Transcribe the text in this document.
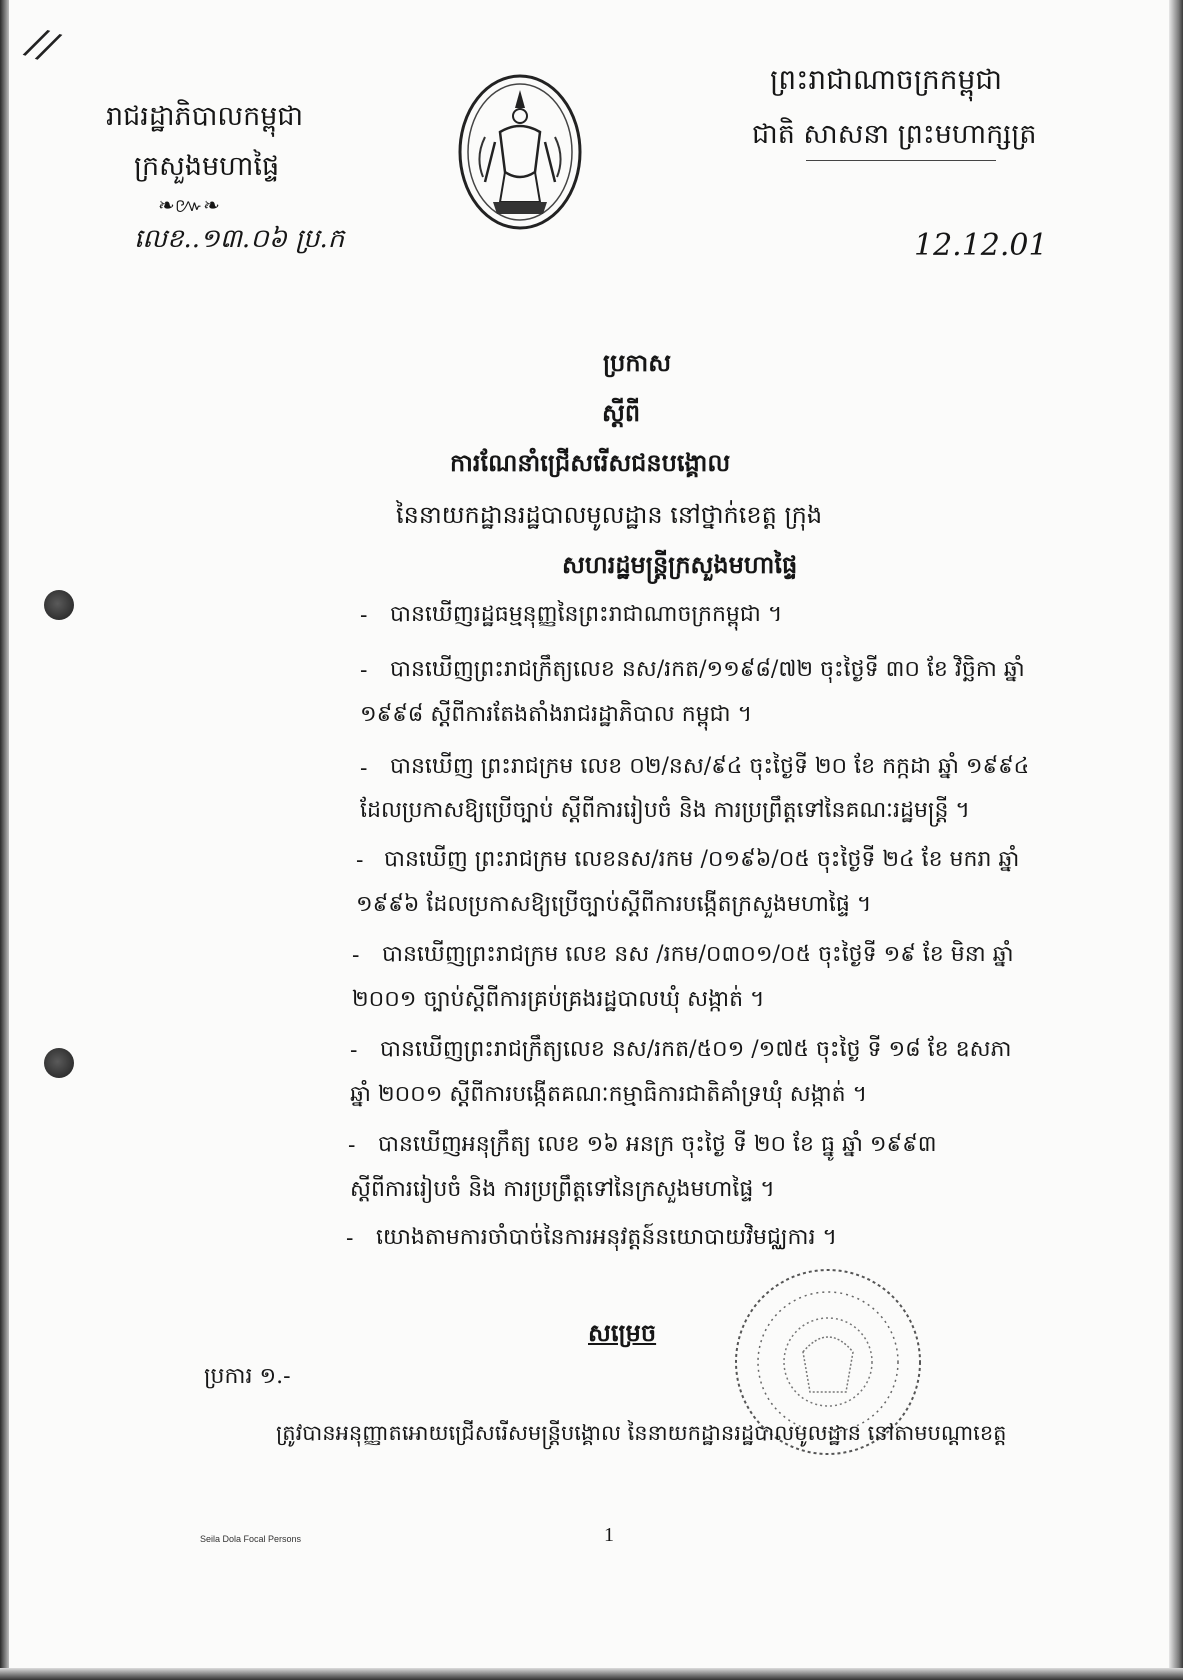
//
រាជរដ្ឋាភិបាលកម្ពុជា
ក្រសួងមហាផ្ទៃ
❧៚❧
លេខ..១៣.០៦ ប្រ.ក
ព្រះរាជាណាចក្រកម្ពុជា
ជាតិ សាសនា ព្រះមហាក្សត្រ
12.12.01
ប្រកាស
ស្តីពី
ការណែនាំជ្រើសរើសជនបង្គោល
នៃនាយកដ្ឋានរដ្ឋបាលមូលដ្ឋាន នៅថ្នាក់ខេត្ត ក្រុង
សហរដ្ឋមន្ត្រីក្រសួងមហាផ្ទៃ
- បានឃើញរដ្ឋធម្មនុញ្ញនៃព្រះរាជាណាចក្រកម្ពុជា ។
- បានឃើញព្រះរាជក្រឹត្យលេខ នស/រកត/១១៩៨/៧២ ចុះថ្ងៃទី ៣០ ខែ វិច្ឆិកា ឆ្នាំ
១៩៩៨ ស្តីពីការតែងតាំងរាជរដ្ឋាភិបាល កម្ពុជា ។
- បានឃើញ ព្រះរាជក្រម លេខ ០២/នស/៩៤ ចុះថ្ងៃទី ២០ ខែ កក្កដា ឆ្នាំ ១៩៩៤
ដែលប្រកាសឱ្យប្រើច្បាប់ ស្តីពីការរៀបចំ និង ការប្រព្រឹត្តទៅនៃគណៈរដ្ឋមន្ត្រី ។
- បានឃើញ ព្រះរាជក្រម លេខនស/រកម /០១៩៦/០៥ ចុះថ្ងៃទី ២៤ ខែ មករា ឆ្នាំ
១៩៩៦ ដែលប្រកាសឱ្យប្រើច្បាប់ស្តីពីការបង្កើតក្រសួងមហាផ្ទៃ ។
- បានឃើញព្រះរាជក្រម លេខ នស /រកម/០៣០១/០៥ ចុះថ្ងៃទី ១៩ ខែ មិនា ឆ្នាំ
២០០១ ច្បាប់ស្តីពីការគ្រប់គ្រងរដ្ឋបាលឃុំ សង្កាត់ ។
- បានឃើញព្រះរាជក្រឹត្យលេខ នស/រកត/៥០១ /១៧៥ ចុះថ្ងៃ ទី ១៨ ខែ ឧសភា
ឆ្នាំ ២០០១ ស្តីពីការបង្កើតគណៈកម្មាធិការជាតិគាំទ្រឃុំ សង្កាត់ ។
- បានឃើញអនុក្រឹត្យ លេខ ១៦ អនក្រ ចុះថ្ងៃ ទី ២០ ខែ ធ្នូ ឆ្នាំ ១៩៩៣
ស្តីពីការរៀបចំ និង ការប្រព្រឹត្តទៅនៃក្រសួងមហាផ្ទៃ ។
- យោងតាមការចាំបាច់នៃការអនុវត្តន៍នយោបាយវិមជ្ឈការ ។
សម្រេច
ប្រការ ១.-
ត្រូវបានអនុញ្ញាតអោយជ្រើសរើសមន្ត្រីបង្គោល នៃនាយកដ្ឋានរដ្ឋបាលមូលដ្ឋាន នៅតាមបណ្តាខេត្ត
Seila Dola Focal Persons	1
